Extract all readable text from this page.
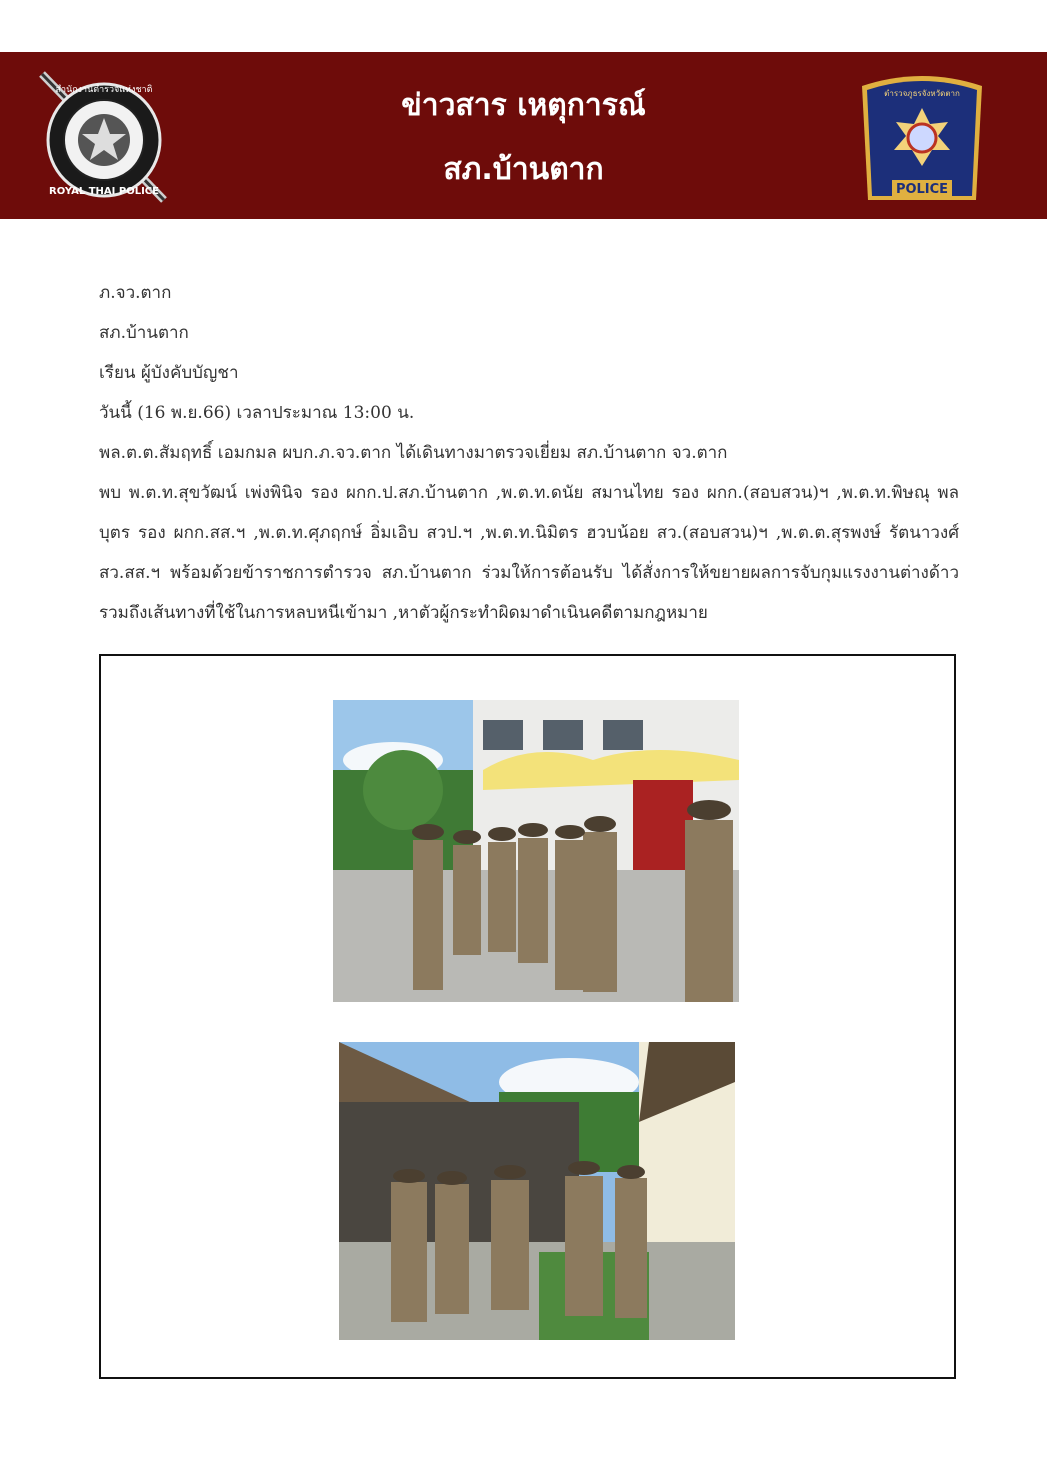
สำนักงานตำรวจแห่งชาติ
ROYAL THAI POLICE
ข่าวสาร เหตุการณ์
สภ.บ้านตาก
ตำรวจภูธรจังหวัดตาก
POLICE

ภ.จว.ตาก

สภ.บ้านตาก

เรียน ผู้บังคับบัญชา

วันนี้ (16 พ.ย.66) เวลาประมาณ 13:00 น.

พล.ต.ต.สัมฤทธิ์ เอมกมล ผบก.ภ.จว.ตาก ได้เดินทางมาตรวจเยี่ยม สภ.บ้านตาก จว.ตาก

พบ พ.ต.ท.สุขวัฒน์ เพ่งพินิจ รอง ผกก.ป.สภ.บ้านตาก ,พ.ต.ท.ดนัย สมานไทย รอง ผกก.(สอบสวน)ฯ ,พ.ต.ท.พิษณุ พลบุตร รอง ผกก.สส.ฯ ,พ.ต.ท.ศุภฤกษ์ อิ่มเอิบ สวป.ฯ ,พ.ต.ท.นิมิตร ฮวบน้อย สว.(สอบสวน)ฯ ,พ.ต.ต.สุรพงษ์ รัตนาวงศ์ สว.สส.ฯ พร้อมด้วยข้าราชการตำรวจ สภ.บ้านตาก ร่วมให้การต้อนรับ ได้สั่งการให้ขยายผลการจับกุมแรงงานต่างด้าวรวมถึงเส้นทางที่ใช้ในการหลบหนีเข้ามา ,หาตัวผู้กระทำผิดมาดำเนินคดีตามกฎหมาย
